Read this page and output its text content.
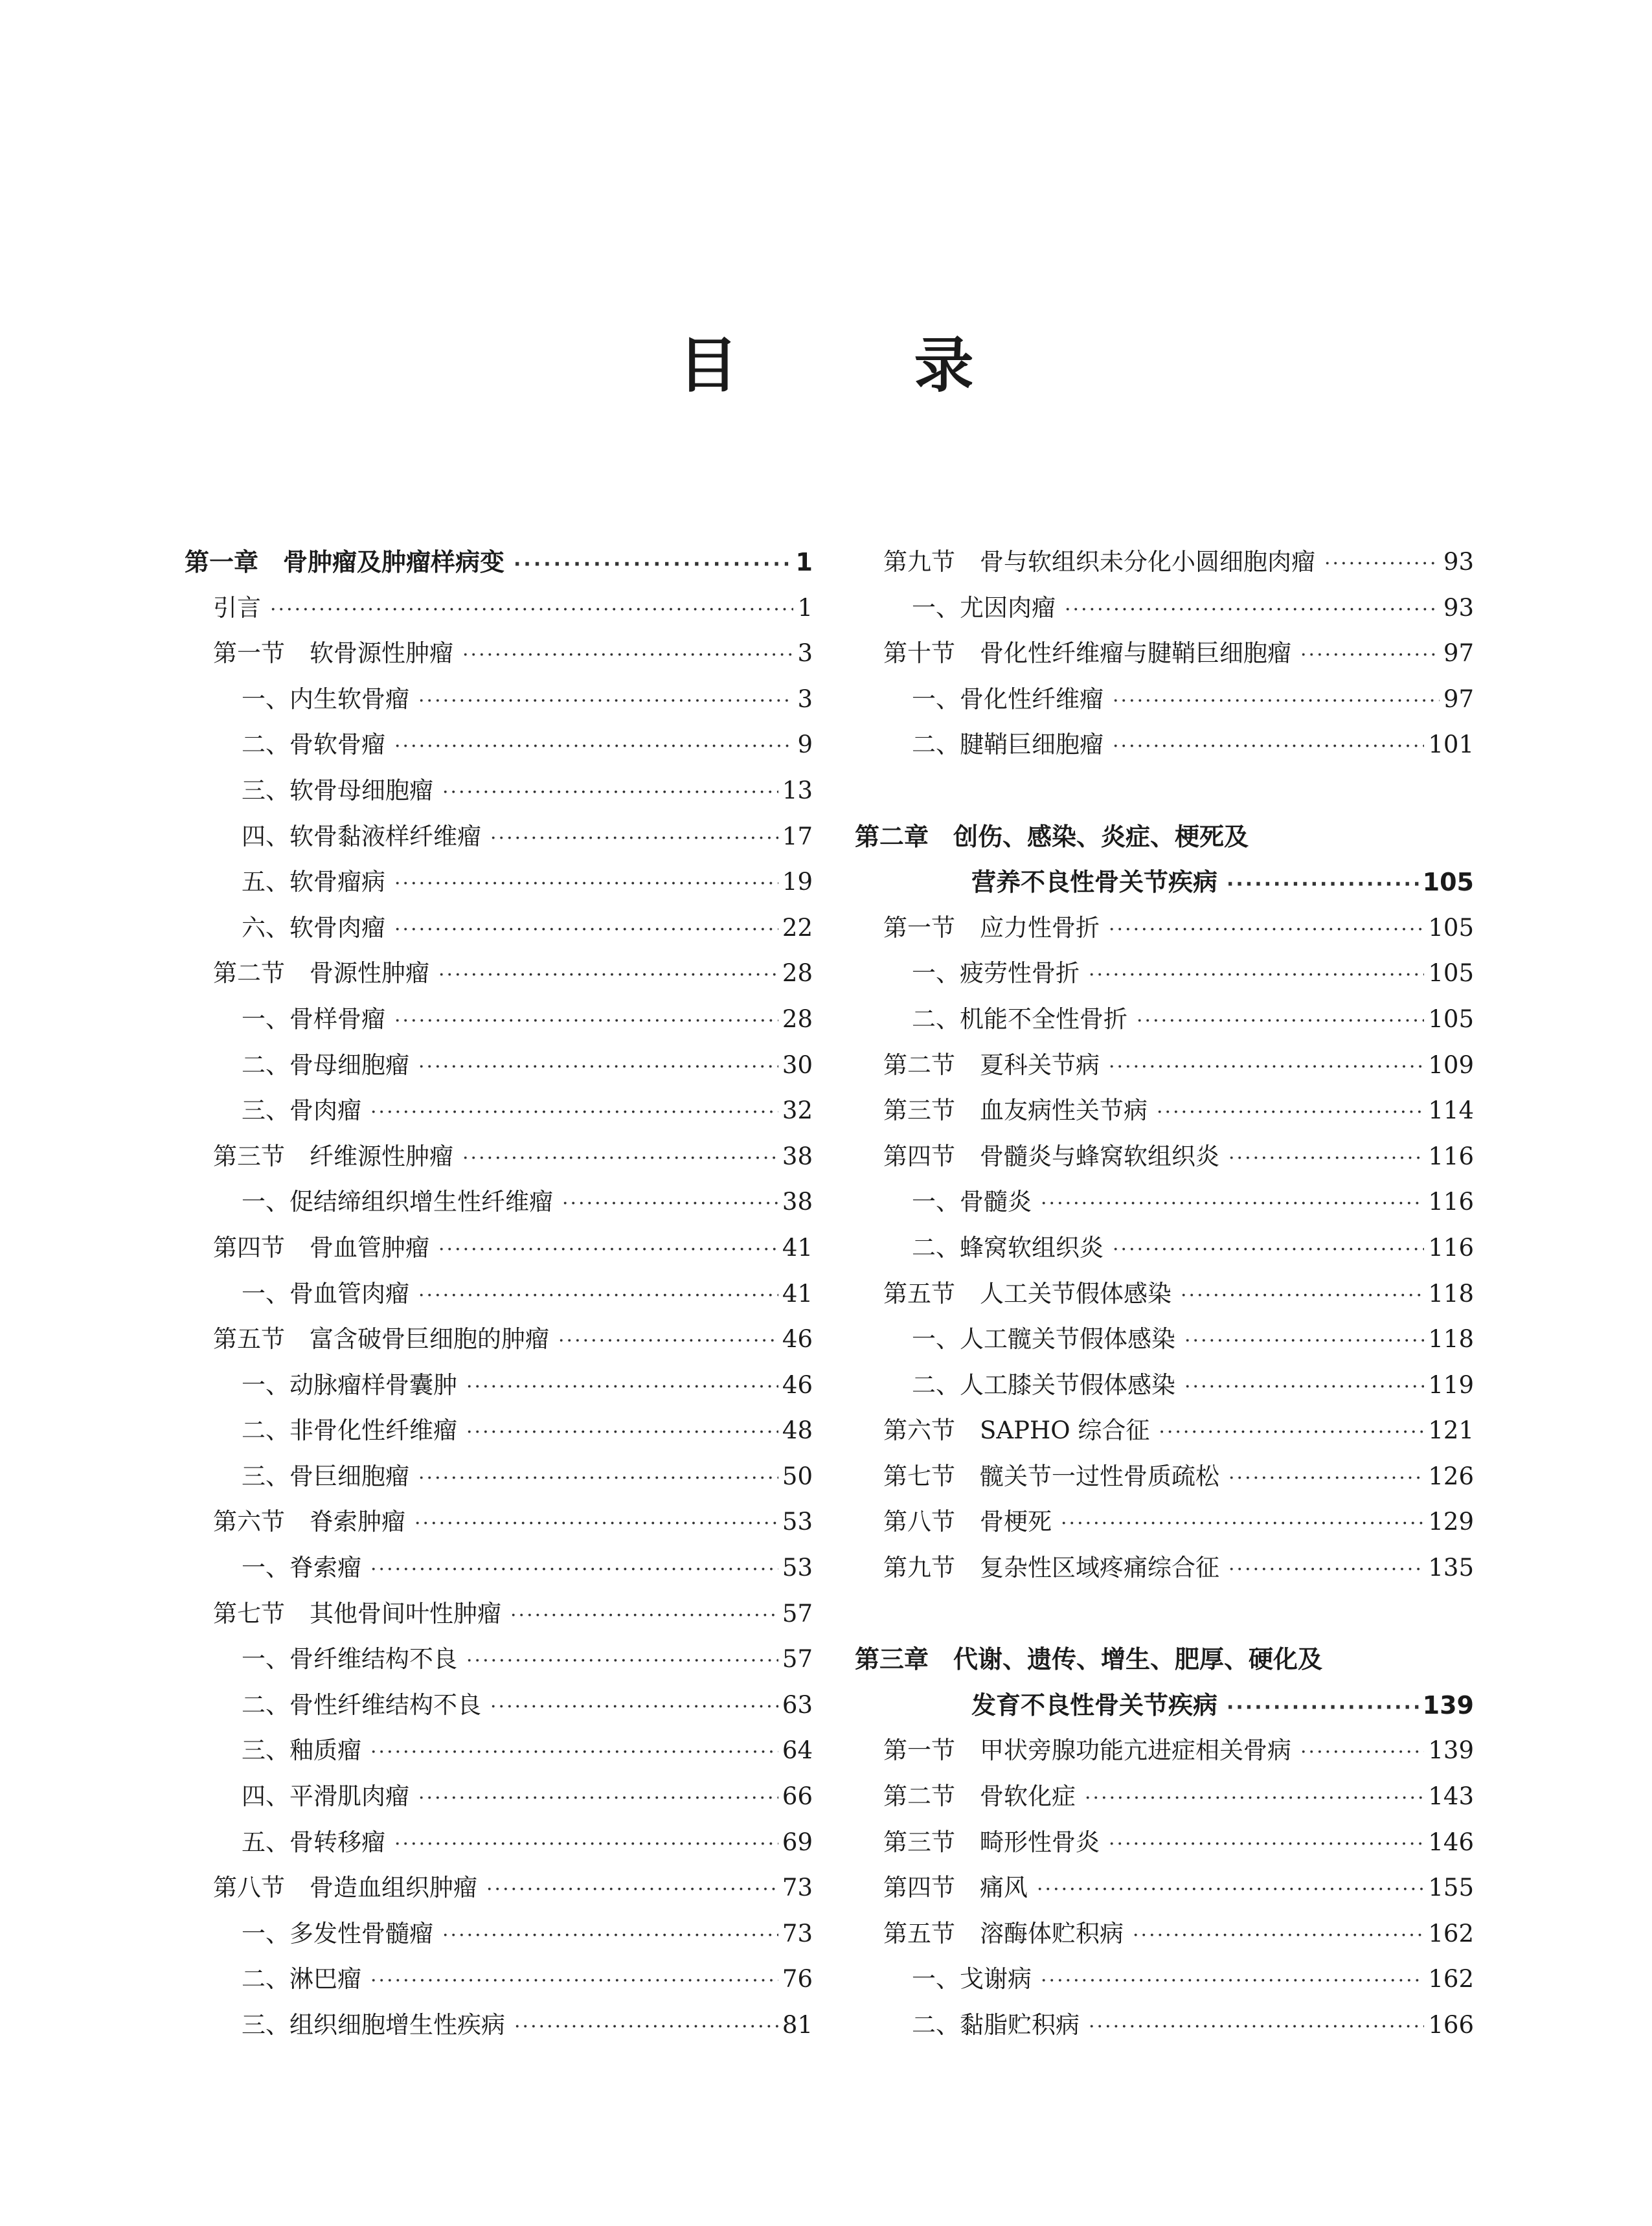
目 录
第一章 骨肿瘤及肿瘤样病变 ·····	1
引言 ·····	1
第一节 软骨源性肿瘤 ·····	3
一、内生软骨瘤 ·····	3
二、骨软骨瘤 ·····	9
三、软骨母细胞瘤 ·····	13
四、软骨黏液样纤维瘤 ·····	17
五、软骨瘤病 ·····	19
六、软骨肉瘤 ·····	22
第二节 骨源性肿瘤 ·····	28
一、骨样骨瘤 ·····	28
二、骨母细胞瘤 ·····	30
三、骨肉瘤 ·····	32
第三节 纤维源性肿瘤 ·····	38
一、促结缔组织增生性纤维瘤 ·····	38
第四节 骨血管肿瘤 ·····	41
一、骨血管肉瘤 ·····	41
第五节 富含破骨巨细胞的肿瘤 ·····	46
一、动脉瘤样骨囊肿 ·····	46
二、非骨化性纤维瘤 ·····	48
三、骨巨细胞瘤 ·····	50
第六节 脊索肿瘤 ·····	53
一、脊索瘤 ·····	53
第七节 其他骨间叶性肿瘤 ·····	57
一、骨纤维结构不良 ·····	57
二、骨性纤维结构不良 ·····	63
三、釉质瘤 ·····	64
四、平滑肌肉瘤 ·····	66
五、骨转移瘤 ·····	69
第八节 骨造血组织肿瘤 ·····	73
一、多发性骨髓瘤 ·····	73
二、淋巴瘤 ·····	76
三、组织细胞增生性疾病 ·····	81
第九节 骨与软组织未分化小圆细胞肉瘤 ·····	93
一、尤因肉瘤 ·····	93
第十节 骨化性纤维瘤与腱鞘巨细胞瘤 ·····	97
一、骨化性纤维瘤 ·····	97
二、腱鞘巨细胞瘤 ·····	101
第二章 创伤、感染、炎症、梗死及
营养不良性骨关节疾病 ·····	105
第一节 应力性骨折 ·····	105
一、疲劳性骨折 ·····	105
二、机能不全性骨折 ·····	105
第二节 夏科关节病 ·····	109
第三节 血友病性关节病 ·····	114
第四节 骨髓炎与蜂窝软组织炎 ·····	116
一、骨髓炎 ·····	116
二、蜂窝软组织炎 ·····	116
第五节 人工关节假体感染 ·····	118
一、人工髋关节假体感染 ·····	118
二、人工膝关节假体感染 ·····	119
第六节 SAPHO 综合征 ·····	121
第七节 髋关节一过性骨质疏松 ·····	126
第八节 骨梗死 ·····	129
第九节 复杂性区域疼痛综合征 ·····	135
第三章 代谢、遗传、增生、肥厚、硬化及
发育不良性骨关节疾病 ·····	139
第一节 甲状旁腺功能亢进症相关骨病 ·····	139
第二节 骨软化症 ·····	143
第三节 畸形性骨炎 ·····	146
第四节 痛风 ·····	155
第五节 溶酶体贮积病 ·····	162
一、戈谢病 ·····	162
二、黏脂贮积病 ·····	166
